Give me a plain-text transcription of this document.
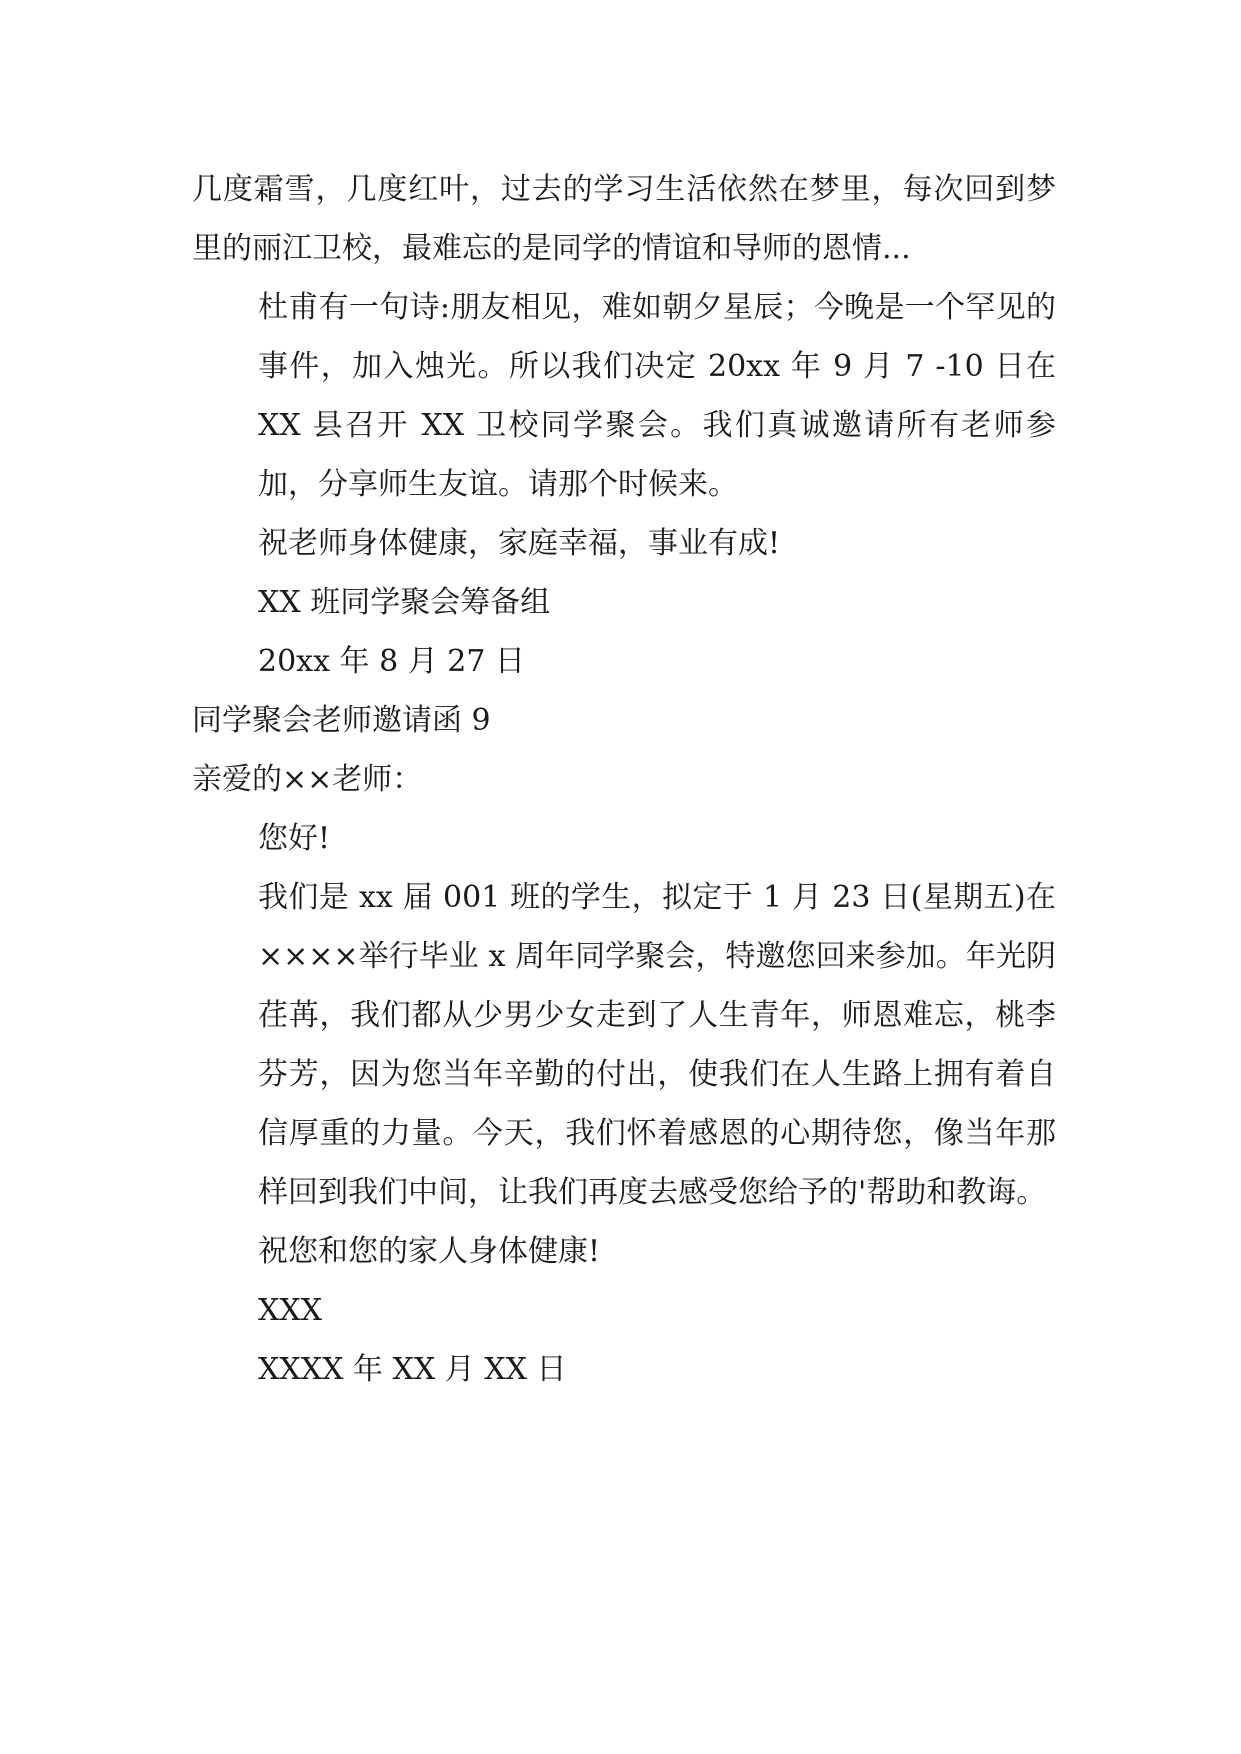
几度霜雪，几度红叶，过去的学习生活依然在梦里，每次回到梦里的丽江卫校，最难忘的是同学的情谊和导师的恩情...

杜甫有一句诗:朋友相见，难如朝夕星辰；今晚是一个罕见的事件，加入烛光。所以我们决定 20xx 年 9 月 7 -10 日在 XX 县召开 XX 卫校同学聚会。我们真诚邀请所有老师参加，分享师生友谊。请那个时候来。

祝老师身体健康，家庭幸福，事业有成!

XX 班同学聚会筹备组

20xx 年 8 月 27 日

同学聚会老师邀请函 9

亲爱的××老师：

您好!

我们是 xx 届 001 班的学生，拟定于 1 月 23 日(星期五)在××××举行毕业 x 周年同学聚会，特邀您回来参加。年光阴荏苒，我们都从少男少女走到了人生青年，师恩难忘，桃李芬芳，因为您当年辛勤的付出，使我们在人生路上拥有着自信厚重的力量。今天，我们怀着感恩的心期待您，像当年那样回到我们中间，让我们再度去感受您给予的'帮助和教诲。

祝您和您的家人身体健康!

XXX

XXXX 年 XX 月 XX 日
